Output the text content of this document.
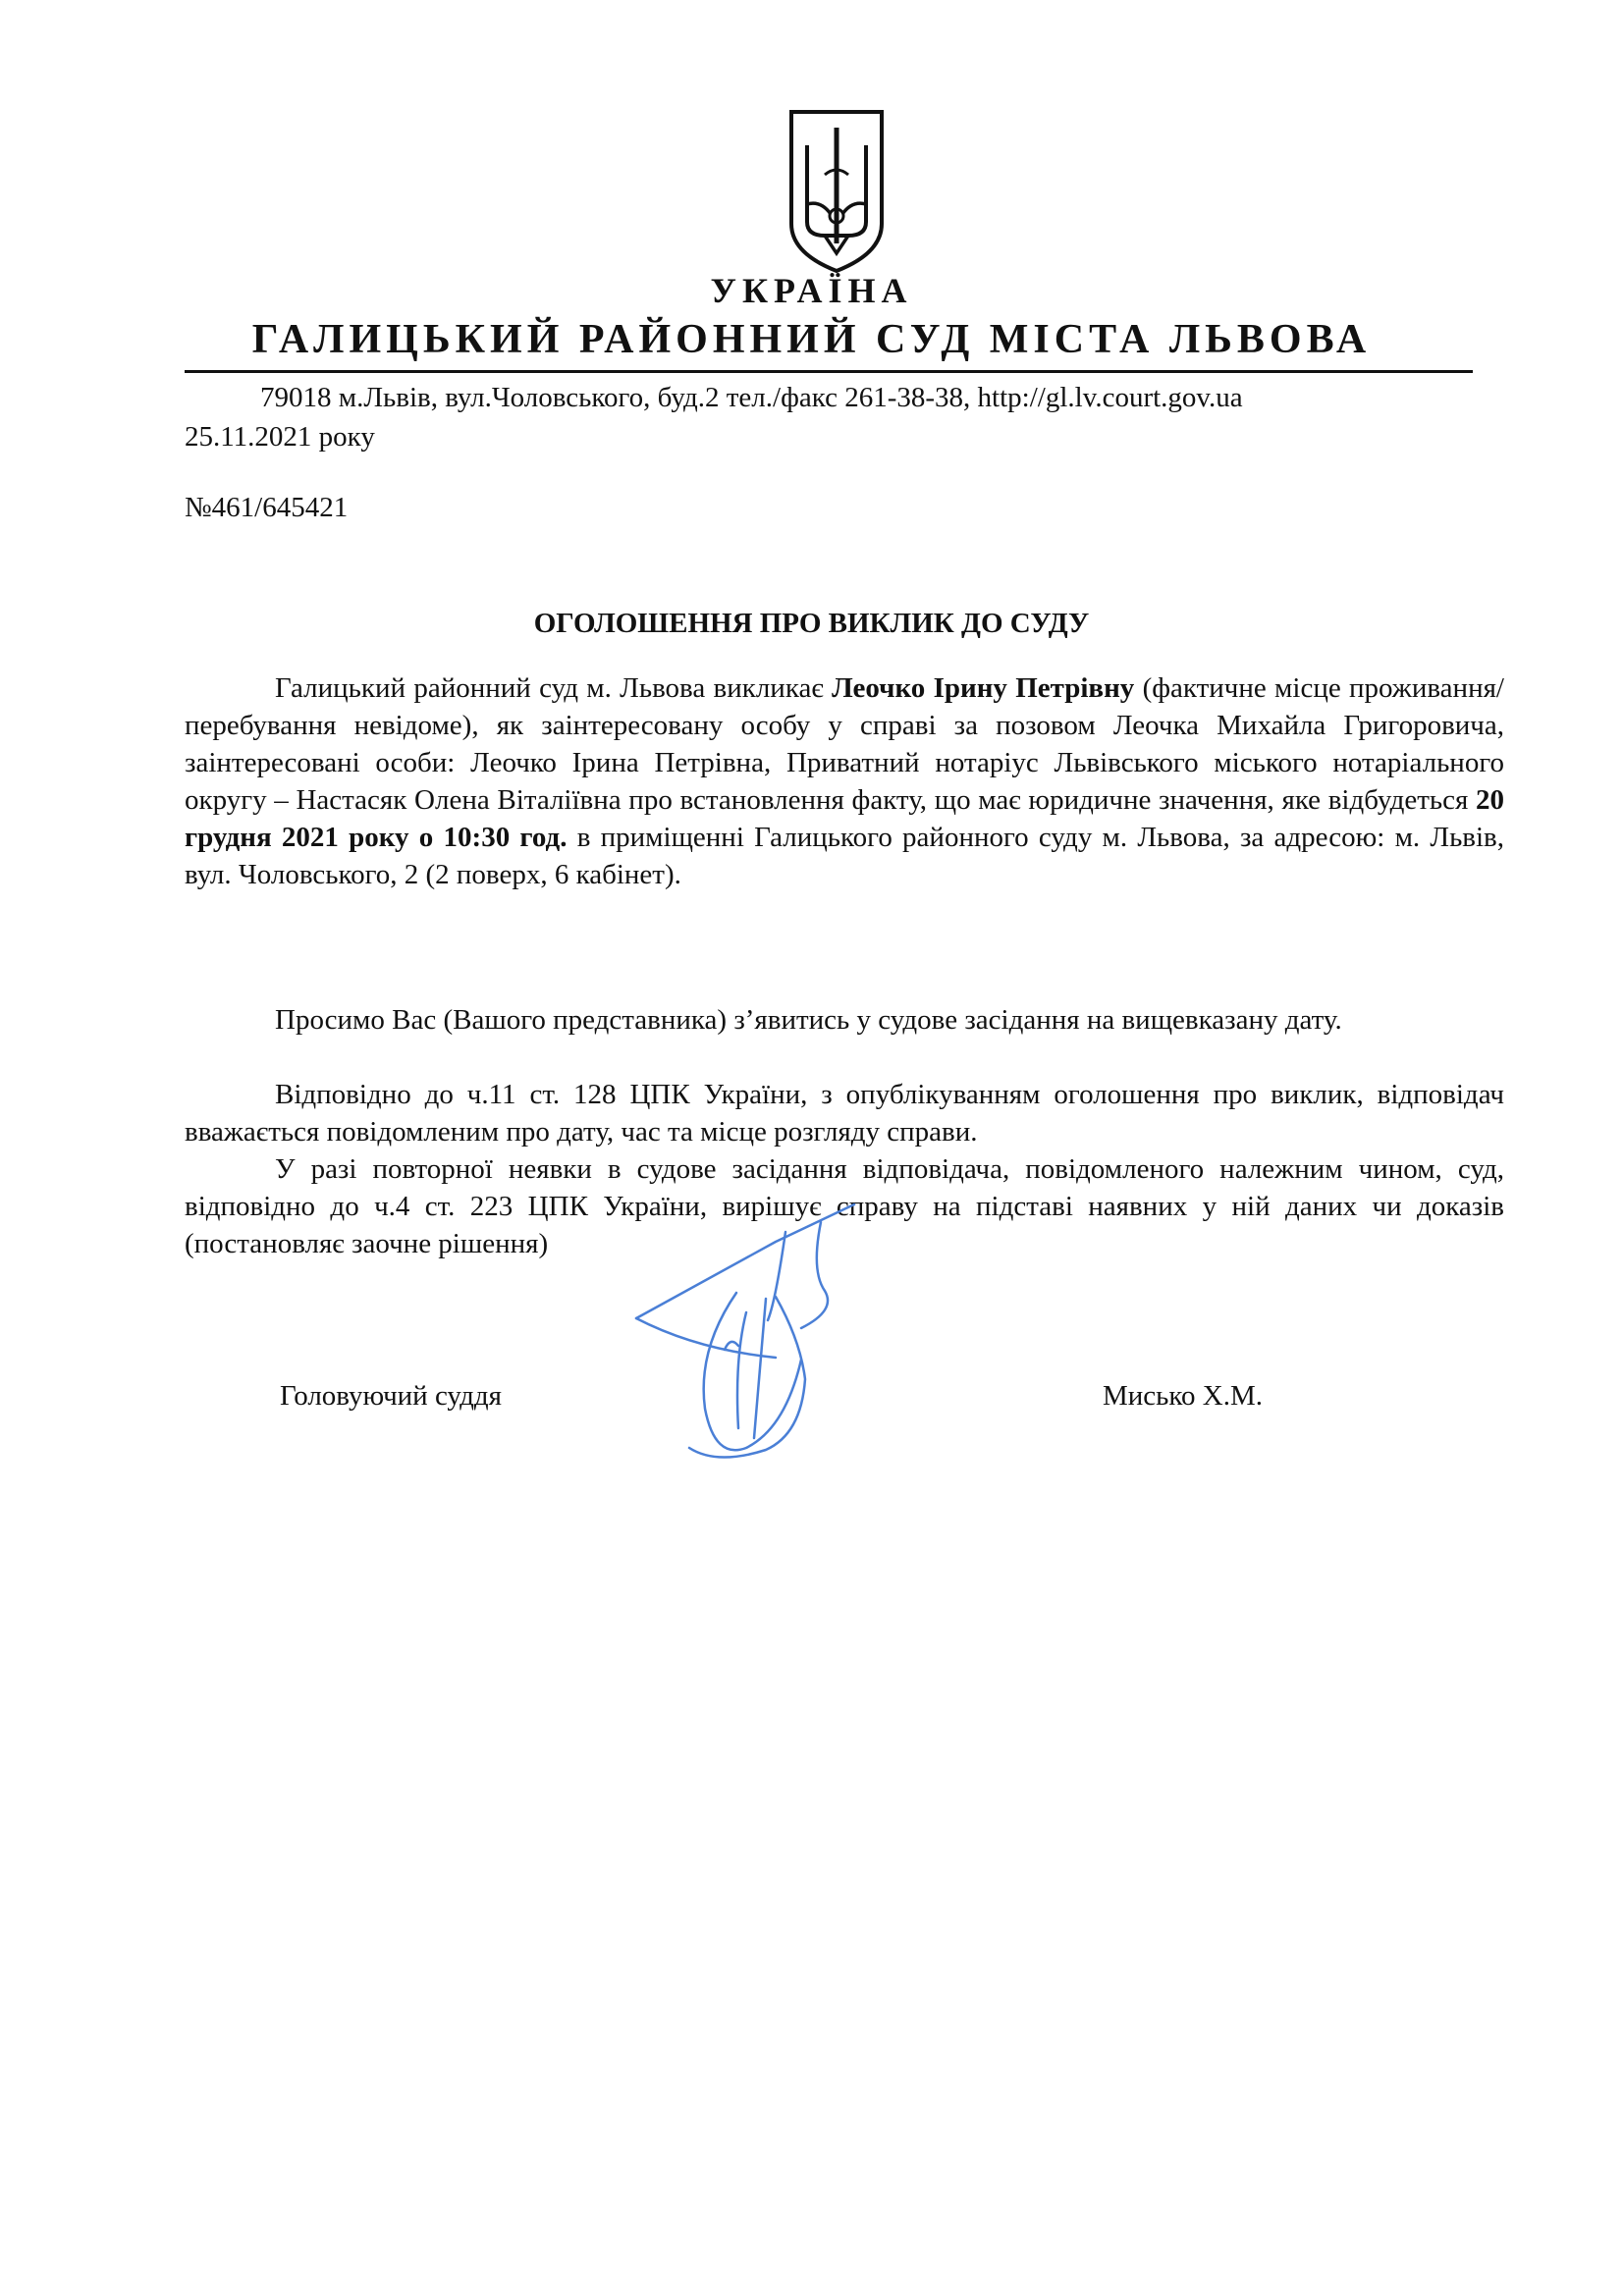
УКРАЇНА
ГАЛИЦЬКИЙ РАЙОННИЙ СУД МІСТА ЛЬВОВА
79018 м.Львів, вул.Чоловського, буд.2 тел./факс 261-38-38, http://gl.lv.court.gov.ua
25.11.2021 року
№461/645421
ОГОЛОШЕННЯ ПРО ВИКЛИК ДО СУДУ

Галицький районний суд м. Львова викликає Леочко Ірину Петрівну (фактичне місце проживання/перебування невідоме), як заінтересовану особу у справі за позовом Леочка Михайла Григоровича, заінтересовані особи: Леочко Ірина Петрівна, Приватний нотаріус Львівського міського нотаріального округу – Настасяк Олена Віталіївна про встановлення факту, що має юридичне значення, яке відбудеться 20 грудня 2021 року о 10:30 год. в приміщенні Галицького районного суду м. Львова, за адресою: м. Львів, вул. Чоловського, 2 (2 поверх, 6 кабінет).

Просимо Вас (Вашого представника) з’явитись у судове засідання на вищевказану дату.

Відповідно до ч.11 ст. 128 ЦПК України, з опублікуванням оголошення про виклик, відповідач вважається повідомленим про дату, час та місце розгляду справи.

У разі повторної неявки в судове засідання відповідача, повідомленого належним чином, суд, відповідно до ч.4 ст. 223 ЦПК України, вирішує справу на підставі наявних у ній даних чи доказів (постановляє заочне рішення)

Головуючий суддя	Мисько Х.М.
